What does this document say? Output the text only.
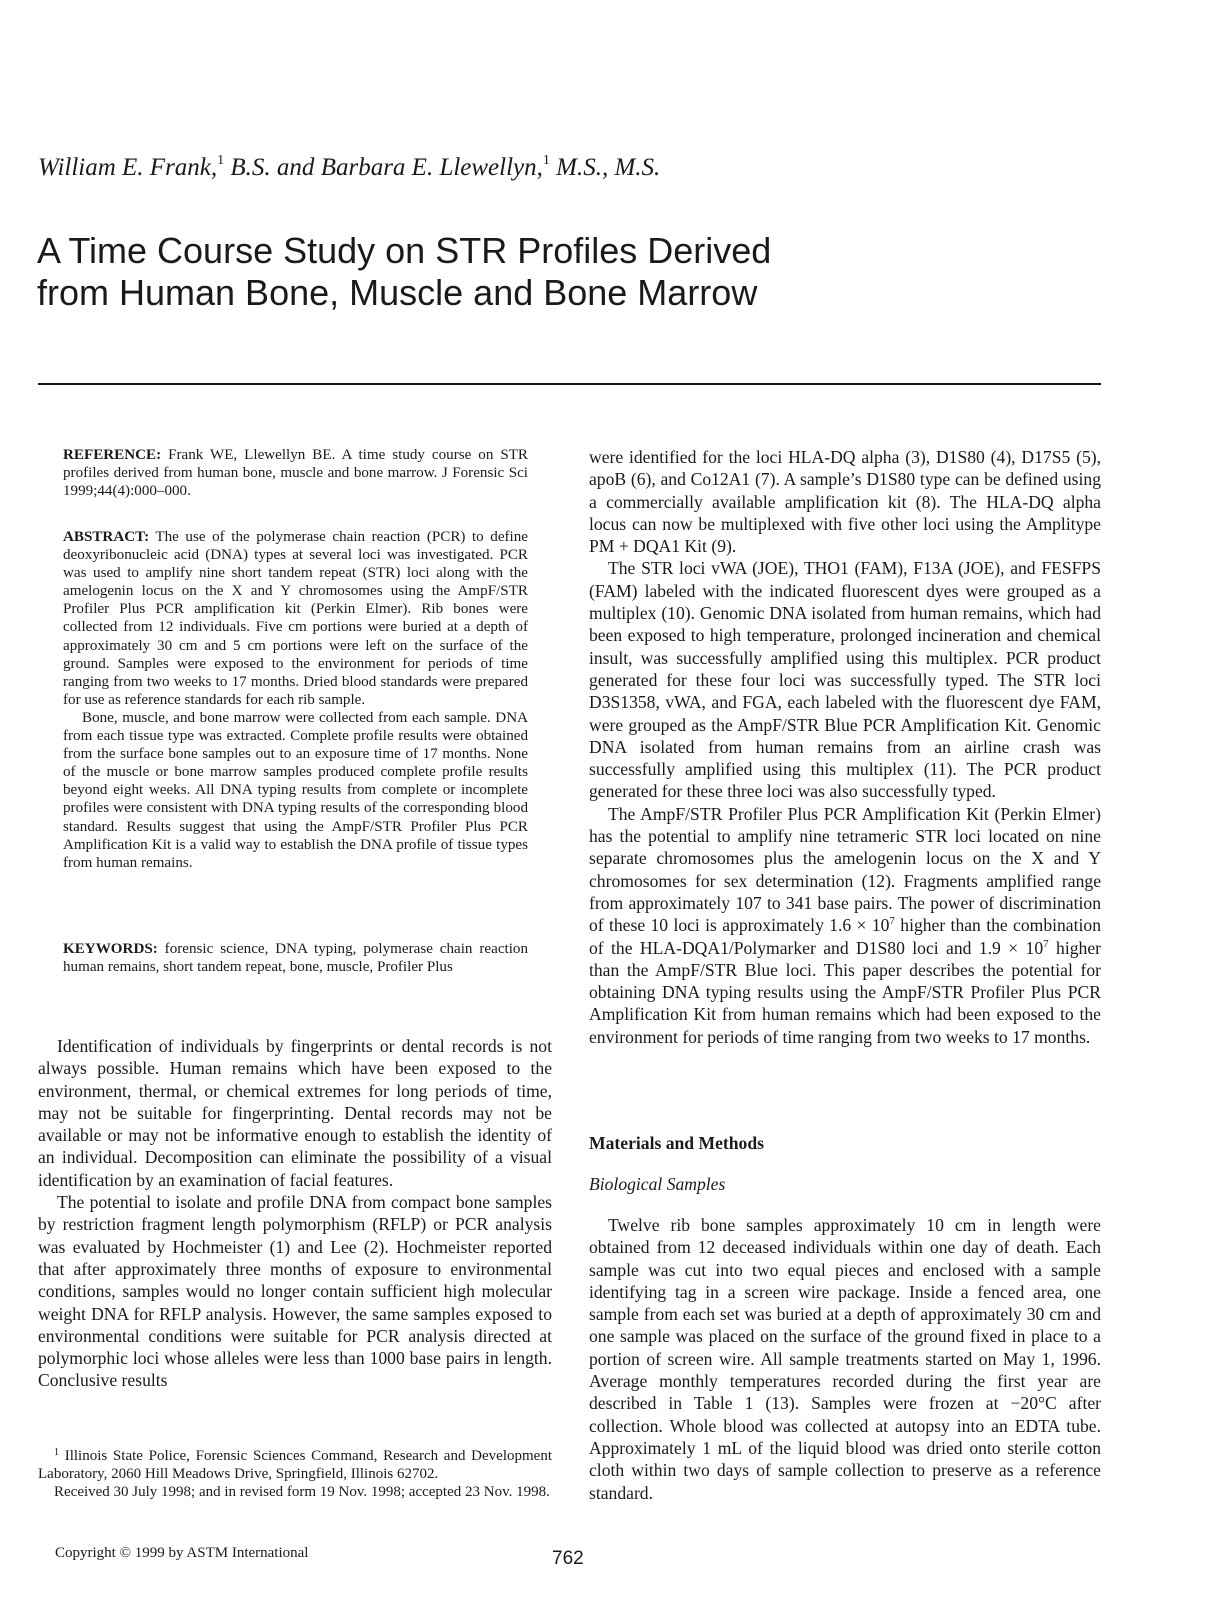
William E. Frank,$^1$ B.S. and Barbara E. Llewellyn,$^1$ M.S., M.S.
A Time Course Study on STR Profiles Derived
from Human Bone, Muscle and Bone Marrow

REFERENCE: Frank WE, Llewellyn BE. A time study course on STR profiles derived from human bone, muscle and bone marrow. J Forensic Sci 1999;44(4):000–000.

ABSTRACT: The use of the polymerase chain reaction (PCR) to define deoxyribonucleic acid (DNA) types at several loci was investigated. PCR was used to amplify nine short tandem repeat (STR) loci along with the amelogenin locus on the X and Y chromosomes using the AmpF/STR Profiler Plus PCR amplification kit (Perkin Elmer). Rib bones were collected from 12 individuals. Five cm portions were buried at a depth of approximately 30 cm and 5 cm portions were left on the surface of the ground. Samples were exposed to the environment for periods of time ranging from two weeks to 17 months. Dried blood standards were prepared for use as reference standards for each rib sample.

Bone, muscle, and bone marrow were collected from each sample. DNA from each tissue type was extracted. Complete profile results were obtained from the surface bone samples out to an exposure time of 17 months. None of the muscle or bone marrow samples produced complete profile results beyond eight weeks. All DNA typing results from complete or incomplete profiles were consistent with DNA typing results of the corresponding blood standard. Results suggest that using the AmpF/STR Profiler Plus PCR Amplification Kit is a valid way to establish the DNA profile of tissue types from human remains.

KEYWORDS: forensic science, DNA typing, polymerase chain reaction human remains, short tandem repeat, bone, muscle, Profiler Plus

Identification of individuals by fingerprints or dental records is not always possible. Human remains which have been exposed to the environment, thermal, or chemical extremes for long periods of time, may not be suitable for fingerprinting. Dental records may not be available or may not be informative enough to establish the identity of an individual. Decomposition can eliminate the possibility of a visual identification by an examination of facial features.

The potential to isolate and profile DNA from compact bone samples by restriction fragment length polymorphism (RFLP) or PCR analysis was evaluated by Hochmeister (1) and Lee (2). Hochmeister reported that after approximately three months of exposure to environmental conditions, samples would no longer contain sufficient high molecular weight DNA for RFLP analysis. However, the same samples exposed to environmental conditions were suitable for PCR analysis directed at polymorphic loci whose alleles were less than 1000 base pairs in length. Conclusive results

were identified for the loci HLA-DQ alpha (3), D1S80 (4), D17S5 (5), apoB (6), and Co12A1 (7). A sample’s D1S80 type can be defined using a commercially available amplification kit (8). The HLA-DQ alpha locus can now be multiplexed with five other loci using the Amplitype PM + DQA1 Kit (9).

The STR loci vWA (JOE), THO1 (FAM), F13A (JOE), and FESFPS (FAM) labeled with the indicated fluorescent dyes were grouped as a multiplex (10). Genomic DNA isolated from human remains, which had been exposed to high temperature, prolonged incineration and chemical insult, was successfully amplified using this multiplex. PCR product generated for these four loci was successfully typed. The STR loci D3S1358, vWA, and FGA, each labeled with the fluorescent dye FAM, were grouped as the AmpF/STR Blue PCR Amplification Kit. Genomic DNA isolated from human remains from an airline crash was successfully amplified using this multiplex (11). The PCR product generated for these three loci was also successfully typed.

The AmpF/STR Profiler Plus PCR Amplification Kit (Perkin Elmer) has the potential to amplify nine tetrameric STR loci located on nine separate chromosomes plus the amelogenin locus on the X and Y chromosomes for sex determination (12). Fragments amplified range from approximately 107 to 341 base pairs. The power of discrimination of these 10 loci is approximately $1.6 \times 10^7$ higher than the combination of the HLA-DQA1/Polymarker and D1S80 loci and $1.9 \times 10^7$ higher than the AmpF/STR Blue loci. This paper describes the potential for obtaining DNA typing results using the AmpF/STR Profiler Plus PCR Amplification Kit from human remains which had been exposed to the environment for periods of time ranging from two weeks to 17 months.

Materials and Methods
Biological Samples

Twelve rib bone samples approximately 10 cm in length were obtained from 12 deceased individuals within one day of death. Each sample was cut into two equal pieces and enclosed with a sample identifying tag in a screen wire package. Inside a fenced area, one sample from each set was buried at a depth of approximately 30 cm and one sample was placed on the surface of the ground fixed in place to a portion of screen wire. All sample treatments started on May 1, 1996. Average monthly temperatures recorded during the first year are described in Table 1 (13). Samples were frozen at −20°C after collection. Whole blood was collected at autopsy into an EDTA tube. Approximately 1 mL of the liquid blood was dried onto sterile cotton cloth within two days of sample collection to preserve as a reference standard.

$^1$ Illinois State Police, Forensic Sciences Command, Research and Development Laboratory, 2060 Hill Meadows Drive, Springfield, Illinois 62702.

Received 30 July 1998; and in revised form 19 Nov. 1998; accepted 23 Nov. 1998.

Copyright © 1999 by ASTM International	762
